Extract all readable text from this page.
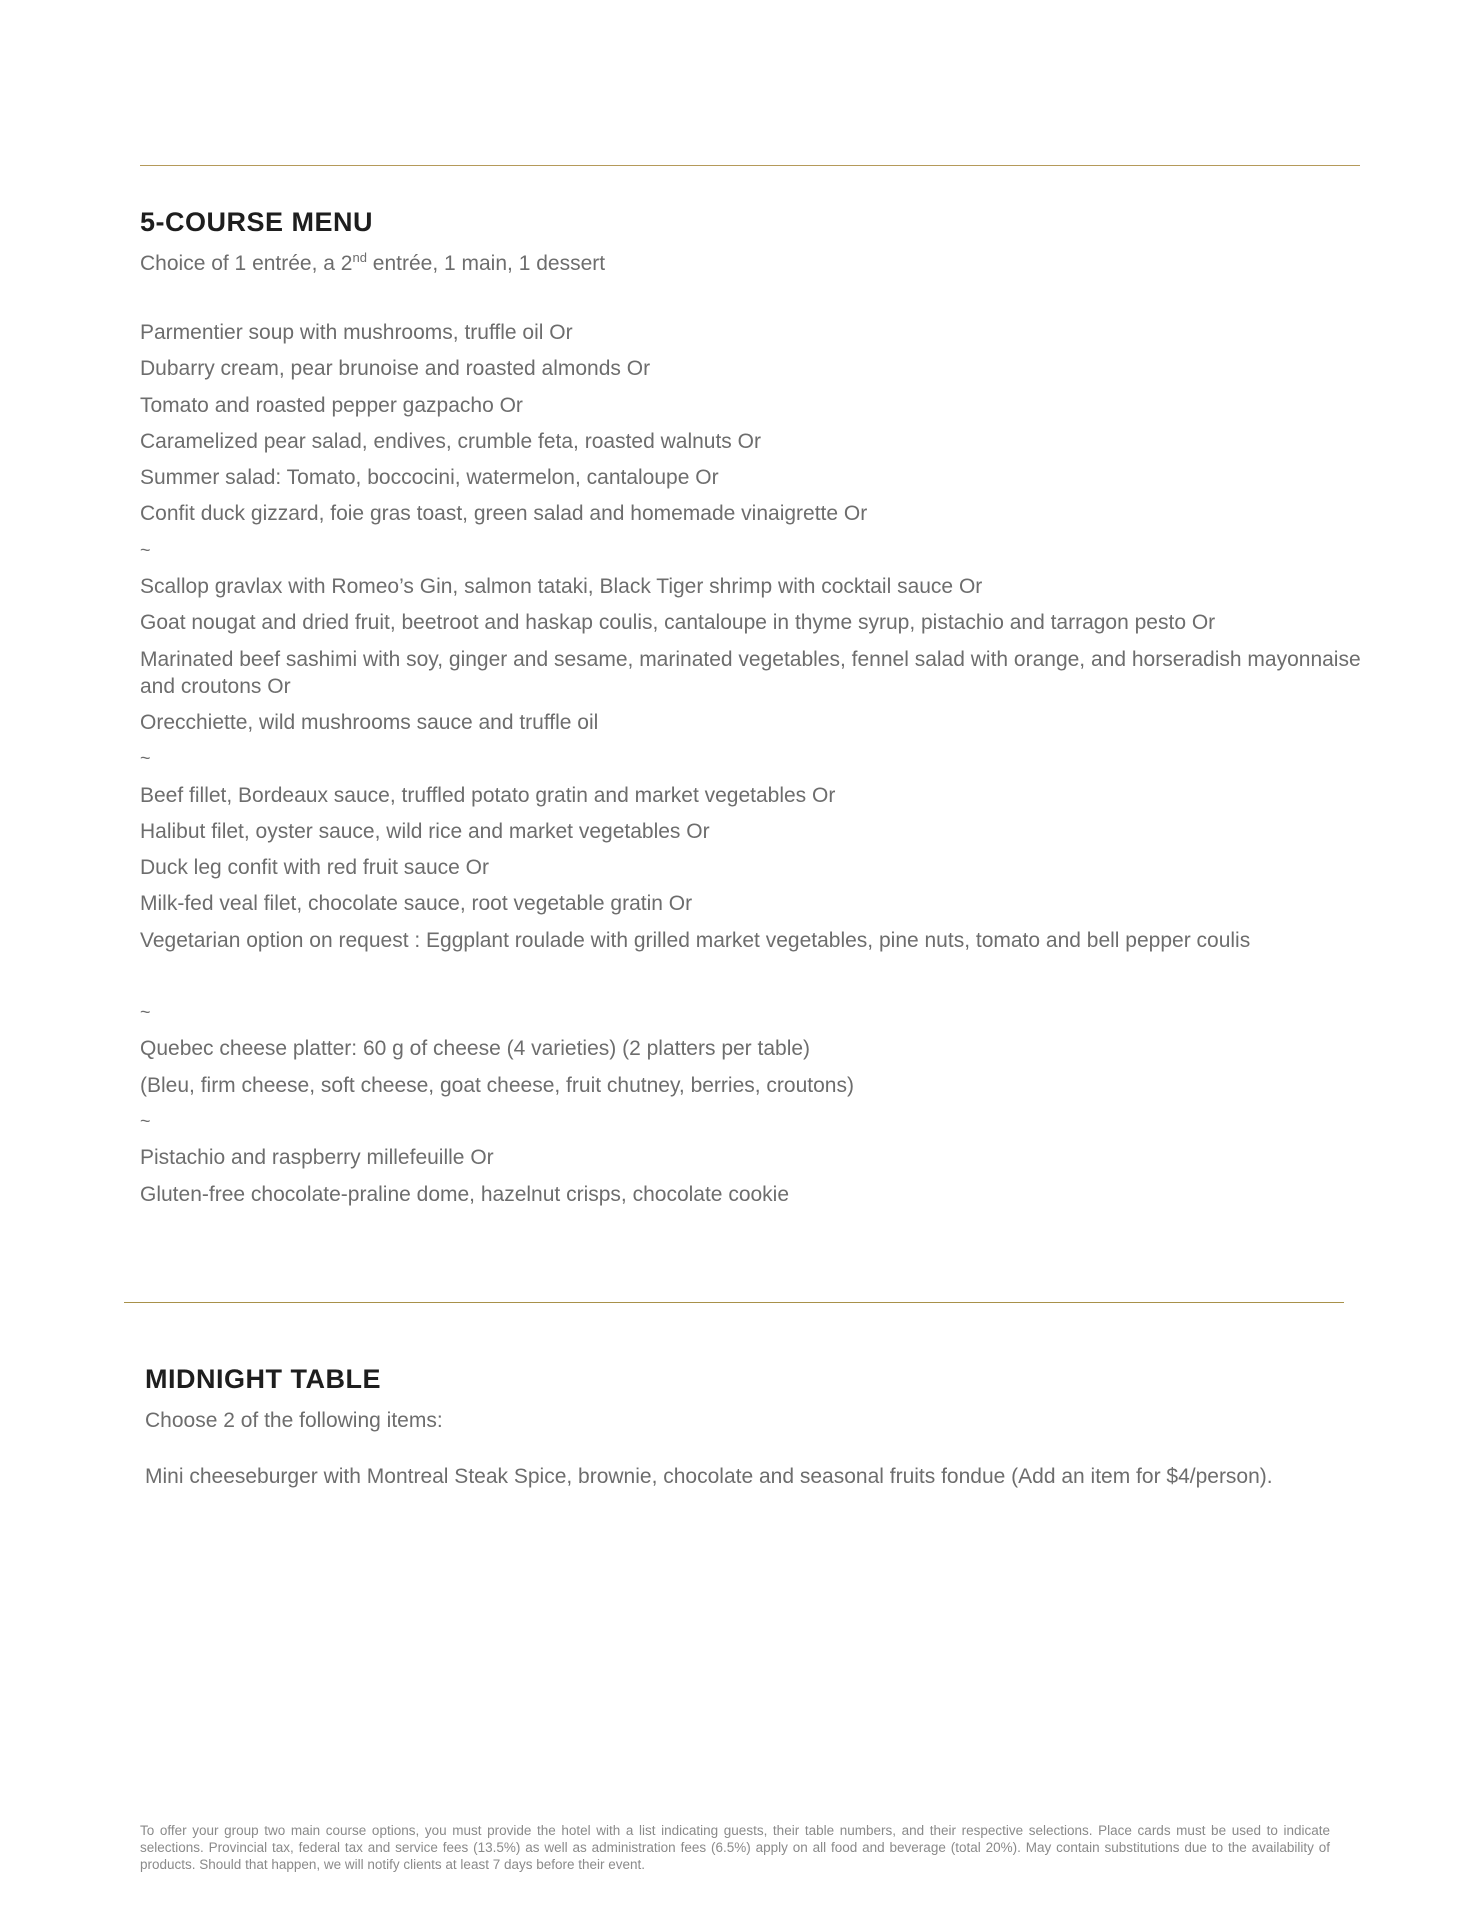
5-COURSE MENU
Choice of 1 entrée, a 2nd entrée, 1 main, 1 dessert
Parmentier soup with mushrooms, truffle oil Or
Dubarry cream, pear brunoise and roasted almonds Or
Tomato and roasted pepper gazpacho Or
Caramelized pear salad, endives, crumble feta, roasted walnuts Or
Summer salad: Tomato, boccocini, watermelon, cantaloupe Or
Confit duck gizzard, foie gras toast, green salad and homemade vinaigrette Or
~
Scallop gravlax with Romeo’s Gin, salmon tataki, Black Tiger shrimp with cocktail sauce Or
Goat nougat and dried fruit, beetroot and haskap coulis, cantaloupe in thyme syrup, pistachio and tarragon pesto Or
Marinated beef sashimi with soy, ginger and sesame, marinated vegetables, fennel salad with orange, and horseradish mayonnaise and croutons Or
Orecchiette, wild mushrooms sauce and truffle oil
~
Beef fillet, Bordeaux sauce, truffled potato gratin and market vegetables Or
Halibut filet, oyster sauce, wild rice and market vegetables Or
Duck leg confit with red fruit sauce Or
Milk-fed veal filet, chocolate sauce, root vegetable gratin Or
Vegetarian option on request : Eggplant roulade with grilled market vegetables, pine nuts, tomato and bell pepper coulis
~
Quebec cheese platter: 60 g of cheese (4 varieties) (2 platters per table)
(Bleu, firm cheese, soft cheese, goat cheese, fruit chutney, berries, croutons)
~
Pistachio and raspberry millefeuille Or
Gluten-free chocolate-praline dome, hazelnut crisps, chocolate cookie
MIDNIGHT TABLE
Choose 2 of the following items:
Mini cheeseburger with Montreal Steak Spice, brownie, chocolate and seasonal fruits fondue (Add an item for $4/person).
To offer your group two main course options, you must provide the hotel with a list indicating guests, their table numbers, and their respective selections. Place cards must be used to indicate selections. Provincial tax, federal tax and service fees (13.5%) as well as administration fees (6.5%) apply on all food and beverage (total 20%). May contain substitutions due to the availability of products. Should that happen, we will notify clients at least 7 days before their event.
